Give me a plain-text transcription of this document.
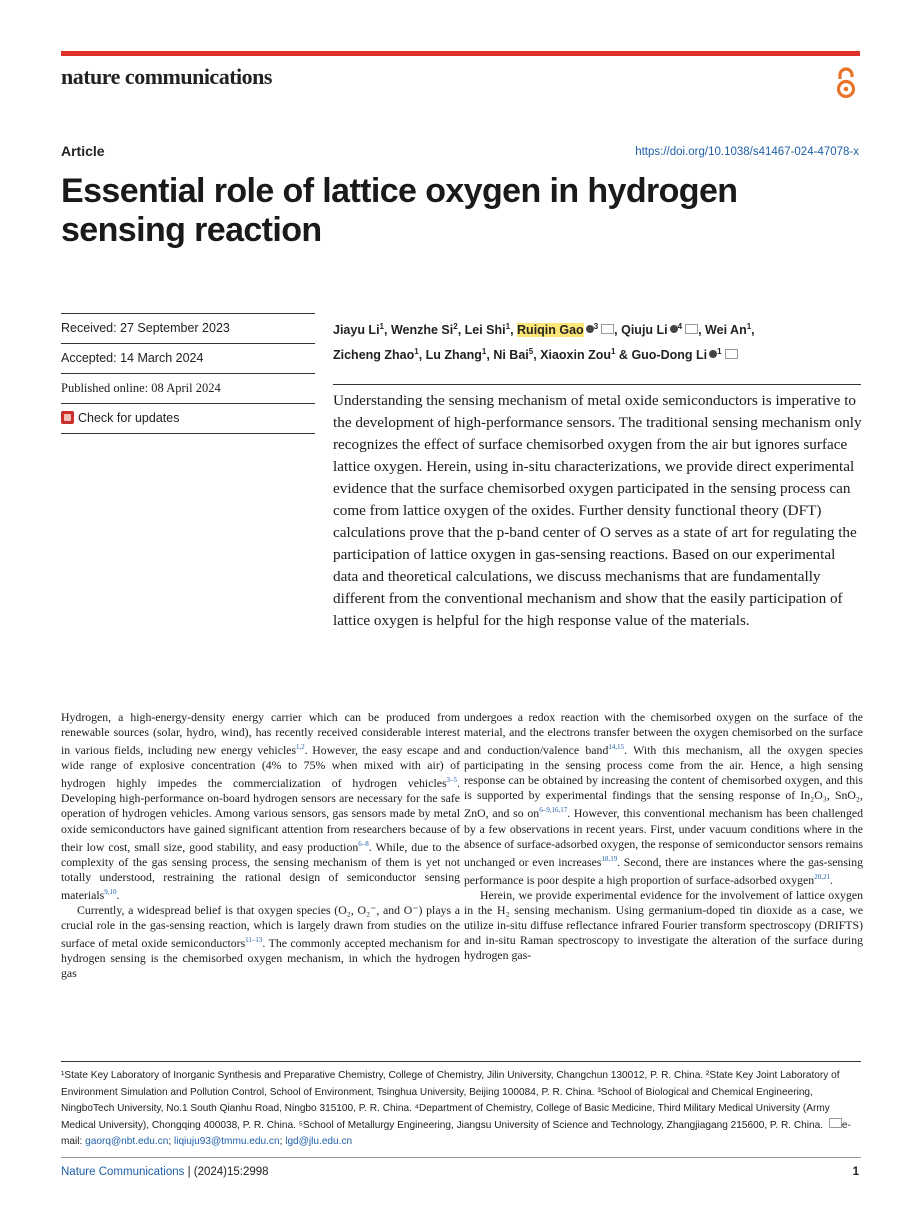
nature communications
Article	https://doi.org/10.1038/s41467-024-47078-x
Essential role of lattice oxygen in hydrogen sensing reaction
Received: 27 September 2023
Accepted: 14 March 2024
Published online: 08 April 2024
Check for updates
Jiayu Li$^1$, Wenzhe Si$^2$, Lei Shi$^1$, Ruiqin Gao $^3$ , Qiuju Li $^4$ , Wei An$^1$,
Zicheng Zhao$^1$, Lu Zhang$^1$, Ni Bai$^5$, Xiaoxin Zou$^1$ & Guo-Dong Li $^1$

Understanding the sensing mechanism of metal oxide semiconductors is imperative to the development of high-performance sensors. The traditional sensing mechanism only recognizes the effect of surface chemisorbed oxygen from the air but ignores surface lattice oxygen. Herein, using in-situ characterizations, we provide direct experimental evidence that the surface chemisorbed oxygen participated in the sensing process can come from lattice oxygen of the oxides. Further density functional theory (DFT) calculations prove that the p-band center of O serves as a state of art for regulating the participation of lattice oxygen in gas-sensing reactions. Based on our experimental data and theoretical calculations, we discuss mechanisms that are fundamentally different from the conventional mechanism and show that the easily participation of lattice oxygen is helpful for the high response value of the materials.

Hydrogen, a high-energy-density energy carrier which can be produced from renewable sources (solar, hydro, wind), has recently received considerable interest in various fields, including new energy vehicles$^{1,2}$. However, the easy escape and wide range of explosive concentration (4% to 75% when mixed with air) of hydrogen highly impedes the commercialization of hydrogen vehicles$^{3-5}$. Developing high-performance on-board hydrogen sensors are necessary for the safe operation of hydrogen vehicles. Among various sensors, gas sensors made by metal oxide semiconductors have gained significant attention from researchers because of their low cost, small size, good stability, and easy production$^{6-8}$. While, due to the complexity of the gas sensing process, the sensing mechanism of them is yet not totally understood, restraining the rational design of semiconductor sensing materials$^{9,10}$.

Currently, a widespread belief is that oxygen species (O₂, O₂⁻, and O⁻) plays a crucial role in the gas-sensing reaction, which is largely drawn from studies on the surface of metal oxide semiconductors$^{11-13}$. The commonly accepted mechanism for hydrogen sensing is the chemisorbed oxygen mechanism, in which the hydrogen gas

undergoes a redox reaction with the chemisorbed oxygen on the surface of the material, and the electrons transfer between the oxygen chemisorbed on the surface and conduction/valence band$^{14,15}$. With this mechanism, all the oxygen species participating in the sensing process come from the air. Hence, a high sensing response can be obtained by increasing the content of chemisorbed oxygen, and this is supported by experimental findings that the sensing response of In₂O₃, SnO₂, ZnO, and so on$^{6-9,16,17}$. However, this conventional mechanism has been challenged by a few observations in recent years. First, under vacuum conditions where in the absence of surface-adsorbed oxygen, the response of semiconductor sensors remains unchanged or even increases$^{18,19}$. Second, there are instances where the gas-sensing performance is poor despite a high proportion of surface-adsorbed oxygen$^{20,21}$.

Herein, we provide experimental evidence for the involvement of lattice oxygen in the H₂ sensing mechanism. Using germanium-doped tin dioxide as a case, we utilize in-situ diffuse reflectance infrared Fourier transform spectroscopy (DRIFTS) and in-situ Raman spectroscopy to investigate the alteration of the surface during hydrogen gas-

¹State Key Laboratory of Inorganic Synthesis and Preparative Chemistry, College of Chemistry, Jilin University, Changchun 130012, P. R. China. ²State Key Joint Laboratory of Environment Simulation and Pollution Control, School of Environment, Tsinghua University, Beijing 100084, P. R. China. ³School of Biological and Chemical Engineering, NingboTech University, No.1 South Qianhu Road, Ningbo 315100, P. R. China. ⁴Department of Chemistry, College of Basic Medicine, Third Military Medical University (Army Medical University), Chongqing 400038, P. R. China. ⁵School of Metallurgy Engineering, Jiangsu University of Science and Technology, Zhangjiagang 215600, P. R. China. e-mail: gaorq@nbt.edu.cn; liqiuju93@tmmu.edu.cn; lgd@jlu.edu.cn

Nature Communications | (2024)15:2998	1
